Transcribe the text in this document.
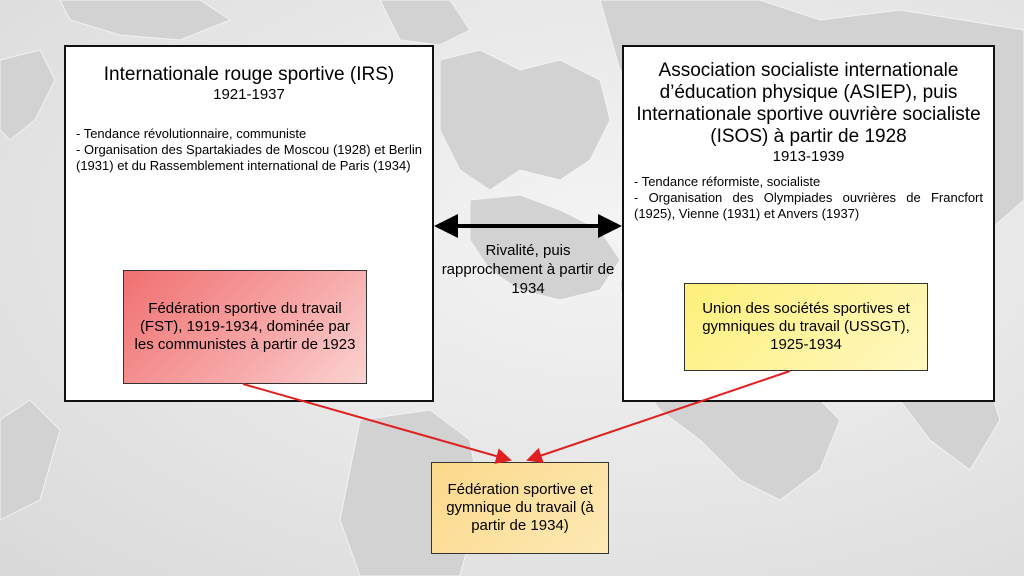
Internationale rouge sportive (IRS)
1921-1937
- Tendance révolutionnaire, communiste
- Organisation des Spartakiades de Moscou (1928) et Berlin (1931) et du Rassemblement international de Paris (1934)
Association socialiste internationale d’éducation physique (ASIEP), puis Internationale sportive ouvrière socialiste (ISOS) à partir de 1928
1913-1939
- Tendance réformiste, socialiste
- Organisation des Olympiades ouvrières de Francfort (1925), Vienne (1931) et Anvers (1937)
Fédération sportive du travail (FST), 1919-1934, dominée par les communistes à partir de 1923
Union des sociétés sportives et gymniques du travail (USSGT), 1925-1934
Rivalité, puis rapprochement à partir de 1934
Fédération sportive et gymnique du travail (à partir de 1934)
